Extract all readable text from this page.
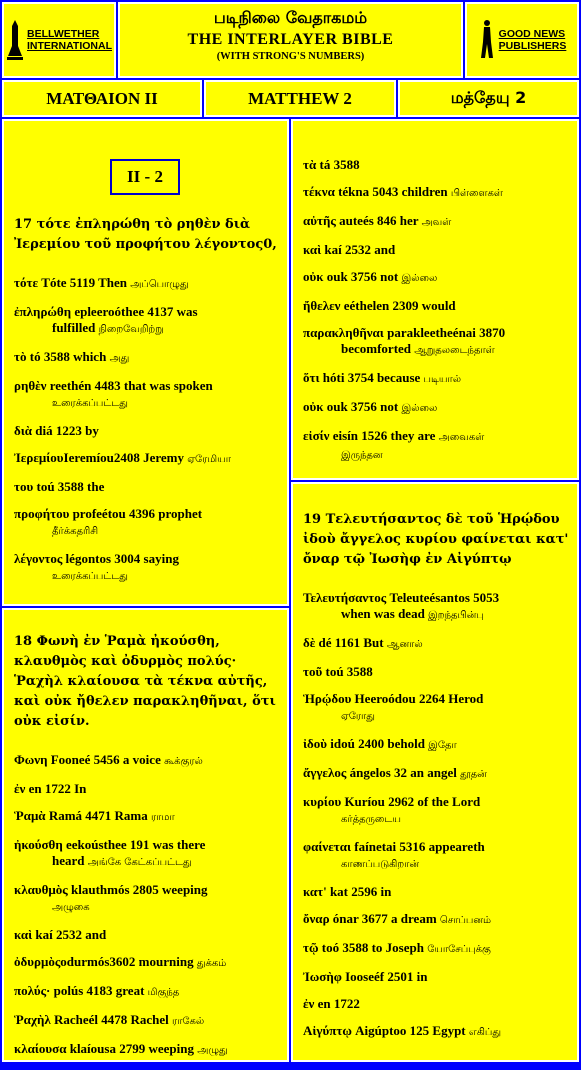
BELLWETHER
INTERNATIONAL
படிநிலை வேதாகமம்
THE INTERLAYER BIBLE
(WITH STRONG'S NUMBERS)
GOOD NEWS
PUBLISHERS
ΜΑΤΘΑΙΟΝ II	MATTHEW 2	மத்தேயு 2
II - 2
17 τότε ἐπληρώθη τὸ ρηθὲν διὰ Ἰερεμίου τοῦ προφήτου λέγοντος0,
τότε Tóte 5119 Then அப்பொழுது
ἐπληρώθη epleeroóthee 4137 was
fulfilled நிறைவேறிற்று
τὸ tó 3588 which அது
ρηθὲν reethén 4483 that was spoken
உரைக்கப்பட்டது
διὰ diá 1223 by
ἸερεμίουIeremíou2408 Jeremy ஏரேமியா
του toú 3588 the
προφήτου profeétou 4396 prophet
தீர்க்கதரிசி
λέγοντος légontos 3004 saying
உரைக்கப்பட்டது
18 Φωνὴ ἐν Ῥαμὰ ἠκούσθη, κλαυθμὸς καὶ ὀδυρμὸς πολύς· Ῥαχὴλ κλαίουσα τὰ τέκνα αὐτῆς, καὶ οὐκ ἤθελεν παρακληθῆναι, ὅτι οὐκ εἰσίν.
Φωνη Fooneé 5456 a voice கூக்குரல்
ἐν en 1722 In
Ῥαμὰ Ramá 4471 Rama ராமா
ἠκούσθη eekoústhee 191 was there
heard அங்கே கேட்கப்பட்டது
κλαυθμὸς klauthmós 2805 weeping
அழுகை
καὶ kaí 2532 and
ὀδυρμὸςodurmós3602 mourning துக்கம்
πολύς· polús 4183 great மிகுந்த
Ῥαχὴλ Racheél 4478 Rachel ராகேல்
κλαίουσα klaíousa 2799 weeping அழுது
τὰ tá 3588
τέκνα tékna 5043 children பிள்ளைகள்
αὐτῆς auteés 846 her அவள்
καὶ kaí 2532 and
οὐκ ouk 3756 not இல்லை
ἤθελεν eéthelen 2309 would
παρακληθῆναι parakleetheénai 3870
becomforted ஆறுதலடைந்தாள்
ὅτι hóti 3754 because படியால்
οὐκ ouk 3756 not இல்லை
εἰσίν eisín 1526 they are அவைகள்
இருந்தன
19 Τελευτήσαντος δὲ τοῦ Ἡρῴδου ἰδοὺ ἄγγελος κυρίου φαίνεται κατ' ὄναρ τῷ Ἰωσὴφ ἐν Αἰγύπτῳ
Τελευτήσαντος Teleuteésantos 5053
when was dead இறந்தபின்பு
δὲ dé 1161 But ஆனால்
τοῦ toú 3588
Ἡρῴδου Heeroódou 2264 Herod
ஏரோது
ἰδοὺ idoú 2400 behold இதோ
ἄγγελος ángelos 32 an angel தூதன்
κυρίου Kuríou 2962 of the Lord
கர்த்தருடைய
φαίνεται faínetai 5316 appeareth
காணப்படுகிறான்
κατ' kat 2596 in
ὄναρ ónar 3677 a dream சொப்பனம்
τῷ toó 3588 to Joseph யோசேப்புக்கு
Ἰωσὴφ Iooseéf 2501 in
ἐν en 1722
Αἰγύπτῳ Aigúptoo 125 Egypt எகிப்து
